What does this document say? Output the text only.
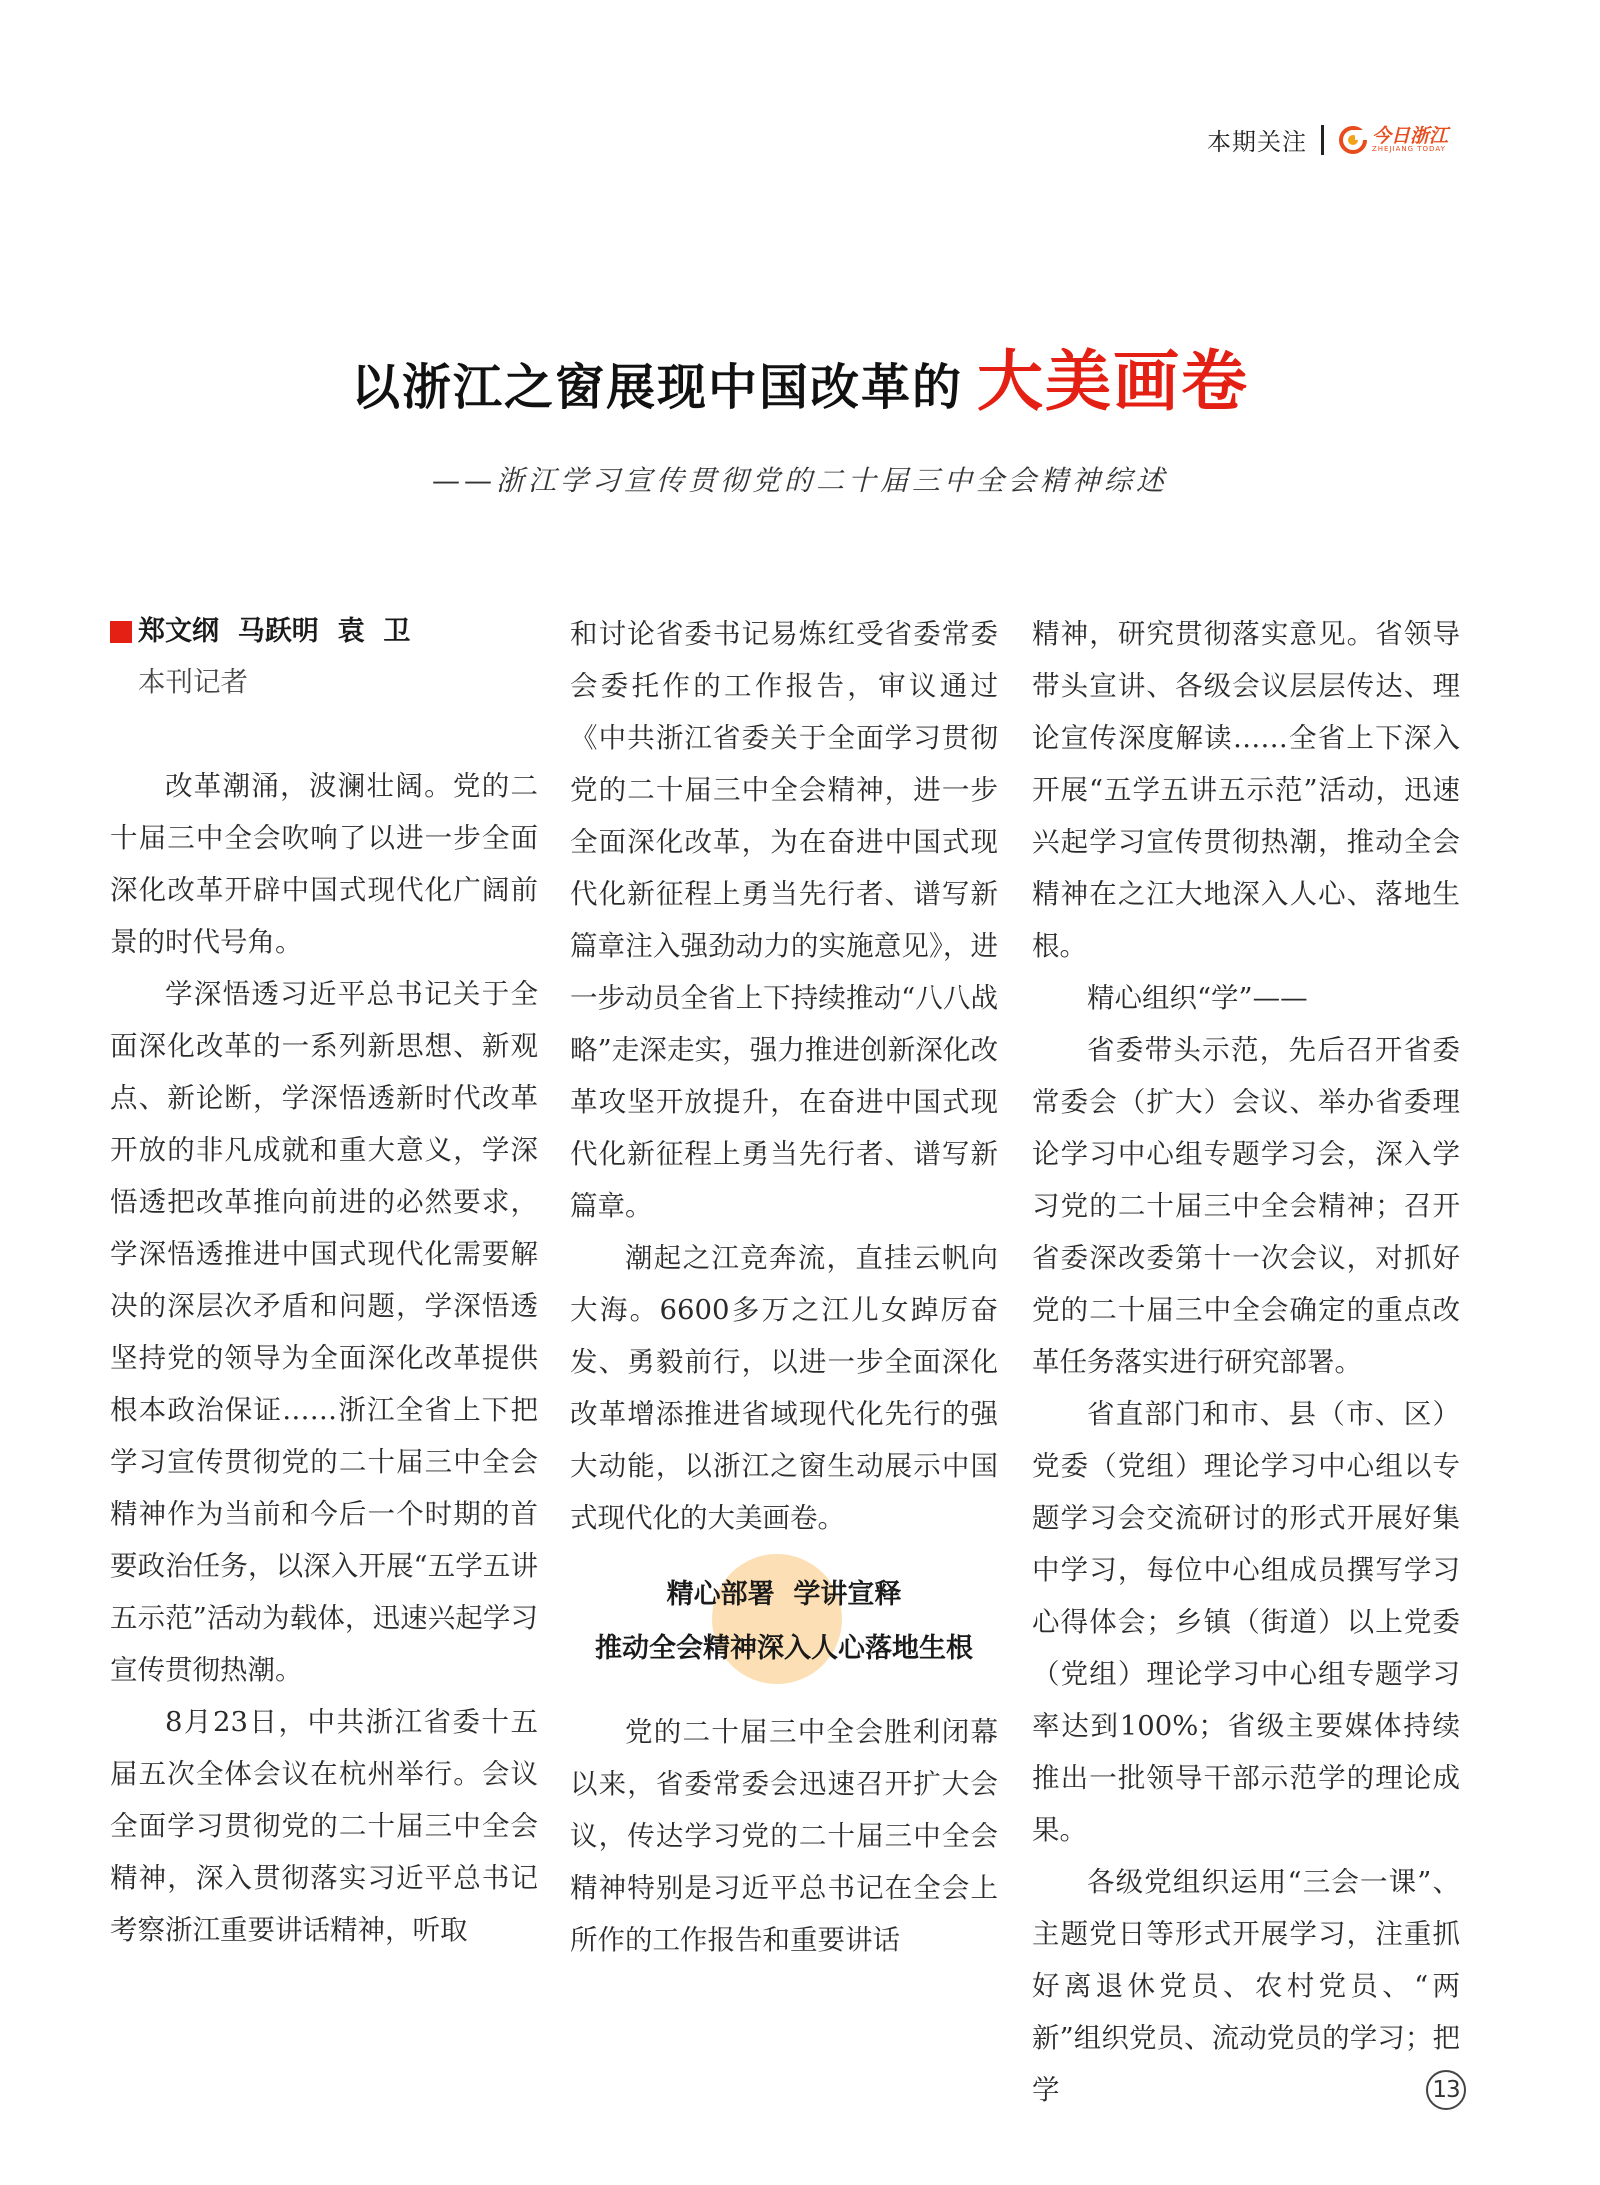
本期关注	今日浙江
ZHEJIANG TODAY
以浙江之窗展现中国改革的 大美画卷
——浙江学习宣传贯彻党的二十届三中全会精神综述
郑文纲  马跃明  袁  卫
本刊记者

改革潮涌，波澜壮阔。党的二十届三中全会吹响了以进一步全面深化改革开辟中国式现代化广阔前景的时代号角。

学深悟透习近平总书记关于全面深化改革的一系列新思想、新观点、新论断，学深悟透新时代改革开放的非凡成就和重大意义，学深悟透把改革推向前进的必然要求，学深悟透推进中国式现代化需要解决的深层次矛盾和问题，学深悟透坚持党的领导为全面深化改革提供根本政治保证……浙江全省上下把学习宣传贯彻党的二十届三中全会精神作为当前和今后一个时期的首要政治任务，以深入开展“五学五讲五示范”活动为载体，迅速兴起学习宣传贯彻热潮。

8月23日，中共浙江省委十五届五次全体会议在杭州举行。会议全面学习贯彻党的二十届三中全会精神，深入贯彻落实习近平总书记考察浙江重要讲话精神，听取

和讨论省委书记易炼红受省委常委会委托作的工作报告，审议通过《中共浙江省委关于全面学习贯彻党的二十届三中全会精神，进一步全面深化改革，为在奋进中国式现代化新征程上勇当先行者、谱写新篇章注入强劲动力的实施意见》，进一步动员全省上下持续推动“八八战略”走深走实，强力推进创新深化改革攻坚开放提升，在奋进中国式现代化新征程上勇当先行者、谱写新篇章。

潮起之江竞奔流，直挂云帆向大海。6600多万之江儿女踔厉奋发、勇毅前行，以进一步全面深化改革增添推进省域现代化先行的强大动能，以浙江之窗生动展示中国式现代化的大美画卷。

精心部署  学讲宣释
推动全会精神深入人心落地生根

党的二十届三中全会胜利闭幕以来，省委常委会迅速召开扩大会议，传达学习党的二十届三中全会精神特别是习近平总书记在全会上所作的工作报告和重要讲话

精神，研究贯彻落实意见。省领导带头宣讲、各级会议层层传达、理论宣传深度解读……全省上下深入开展“五学五讲五示范”活动，迅速兴起学习宣传贯彻热潮，推动全会精神在之江大地深入人心、落地生根。

精心组织“学”——

省委带头示范，先后召开省委常委会（扩大）会议、举办省委理论学习中心组专题学习会，深入学习党的二十届三中全会精神；召开省委深改委第十一次会议，对抓好党的二十届三中全会确定的重点改革任务落实进行研究部署。

省直部门和市、县（市、区）党委（党组）理论学习中心组以专题学习会交流研讨的形式开展好集中学习，每位中心组成员撰写学习心得体会；乡镇（街道）以上党委（党组）理论学习中心组专题学习率达到100%；省级主要媒体持续推出一批领导干部示范学的理论成果。

各级党组织运用“三会一课”、主题党日等形式开展学习，注重抓好离退休党员、农村党员、“两新”组织党员、流动党员的学习；把学	13
